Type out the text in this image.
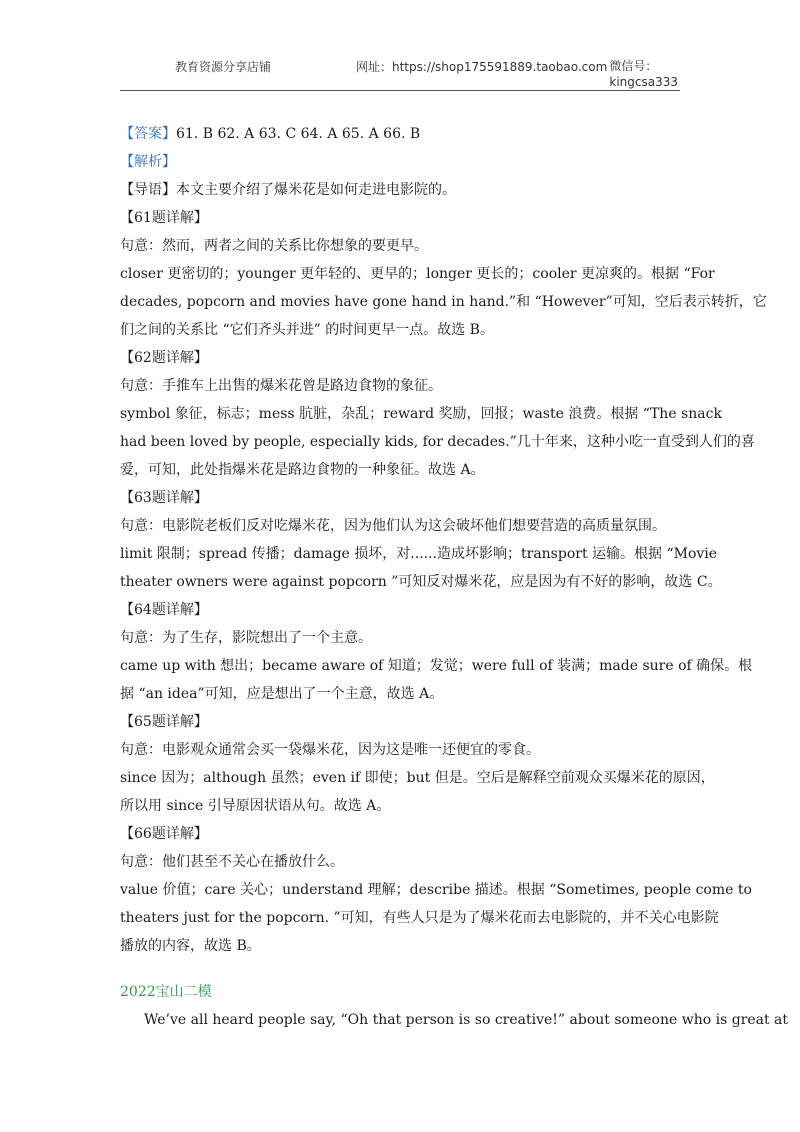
教育资源分享店铺	网址：https://shop175591889.taobao.com 微信号：
kingcsa333
【答案】61. B 62. A 63. C 64. A 65. A 66. B
【解析】
【导语】本文主要介绍了爆米花是如何走进电影院的。
【61题详解】
句意：然而，两者之间的关系比你想象的要更早。
closer 更密切的；younger 更年轻的、更早的；longer 更长的；cooler 更凉爽的。根据 “For
decades, popcorn and movies have gone hand in hand.”和 “However”可知，空后表示转折，它
们之间的关系比 “它们齐头并进” 的时间更早一点。故选 B。
【62题详解】
句意：手推车上出售的爆米花曾是路边食物的象征。
symbol 象征，标志；mess 肮脏，杂乱；reward 奖励，回报；waste 浪费。根据 “The snack
had been loved by people, especially kids, for decades.”几十年来，这种小吃一直受到人们的喜
爱，可知，此处指爆米花是路边食物的一种象征。故选 A。
【63题详解】
句意：电影院老板们反对吃爆米花，因为他们认为这会破坏他们想要营造的高质量氛围。
limit 限制；spread 传播；damage 损坏，对......造成坏影响；transport 运输。根据 “Movie
theater owners were against popcorn ”可知反对爆米花，应是因为有不好的影响，故选 C。
【64题详解】
句意：为了生存，影院想出了一个主意。
came up with 想出；became aware of 知道；发觉；were full of 装满；made sure of 确保。根
据 “an idea”可知，应是想出了一个主意，故选 A。
【65题详解】
句意：电影观众通常会买一袋爆米花，因为这是唯一还便宜的零食。
since 因为；although 虽然；even if 即使；but 但是。空后是解释空前观众买爆米花的原因，
所以用 since 引导原因状语从句。故选 A。
【66题详解】
句意：他们甚至不关心在播放什么。
value 价值；care 关心；understand 理解；describe 描述。根据 “Sometimes, people come to
theaters just for the popcorn. ”可知，有些人只是为了爆米花而去电影院的，并不关心电影院
播放的内容，故选 B。
2022宝山二模
We’ve all heard people say, “Oh that person is so creative!” about someone who is great at
